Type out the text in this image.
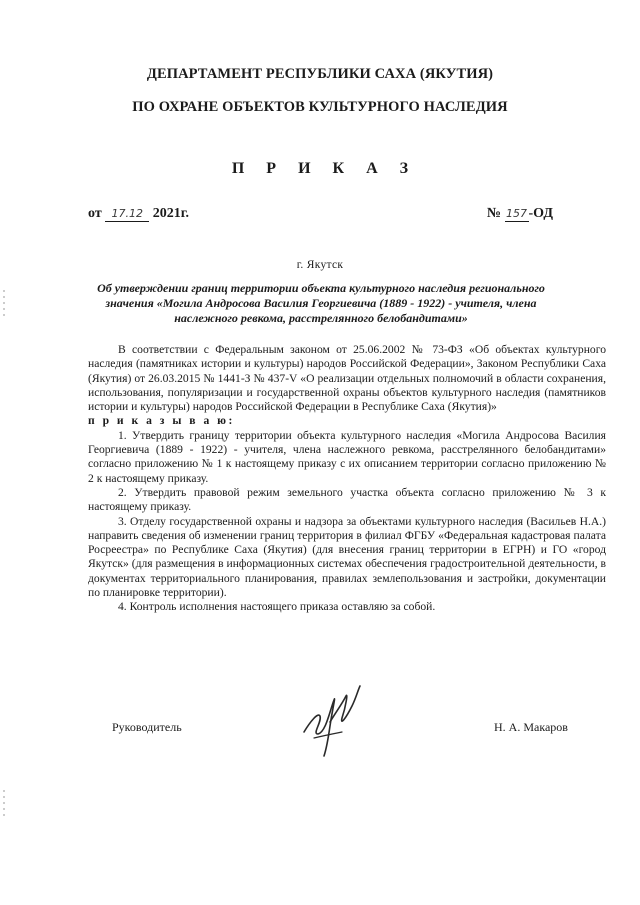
ДЕПАРТАМЕНТ РЕСПУБЛИКИ САХА (ЯКУТИЯ)
ПО ОХРАНЕ ОБЪЕКТОВ КУЛЬТУРНОГО НАСЛЕДИЯ
П Р И К А З
от 17.12 2021г.	№ 157 -ОД
г. Якутск
Об утверждении границ территории объекта культурного наследия регионального значения «Могила Андросова Василия Георгиевича (1889 - 1922) - учителя, члена наслежного ревкома, расстрелянного белобандитами»

В соответствии с Федеральным законом от 25.06.2002 № 73-ФЗ «Об объектах культурного наследия (памятниках истории и культуры) народов Российской Федерации», Законом Республики Саха (Якутия) от 26.03.2015 № 1441-З № 437-V «О реализации отдельных полномочий в области сохранения, использования, популяризации и государственной охраны объектов культурного наследия (памятников истории и культуры) народов Российской Федерации в Республике Саха (Якутия)»

п р и к а з ы в а ю:

1. Утвердить границу территории объекта культурного наследия «Могила Андросова Василия Георгиевича (1889 - 1922) - учителя, члена наслежного ревкома, расстрелянного белобандитами» согласно приложению № 1 к настоящему приказу с их описанием территории согласно приложению № 2 к настоящему приказу.

2. Утвердить правовой режим земельного участка объекта согласно приложению № 3 к настоящему приказу.

3. Отделу государственной охраны и надзора за объектами культурного наследия (Васильев Н.А.) направить сведения об изменении границ территория в филиал ФГБУ «Федеральная кадастровая палата Росреестра» по Республике Саха (Якутия) (для внесения границ территории в ЕГРН) и ГО «город Якутск» (для размещения в информационных системах обеспечения градостроительной деятельности, в документах территориального планирования, правилах землепользования и застройки, документации по планировке территории).

4. Контроль исполнения настоящего приказа оставляю за собой.

Руководитель	Н. А. Макаров
